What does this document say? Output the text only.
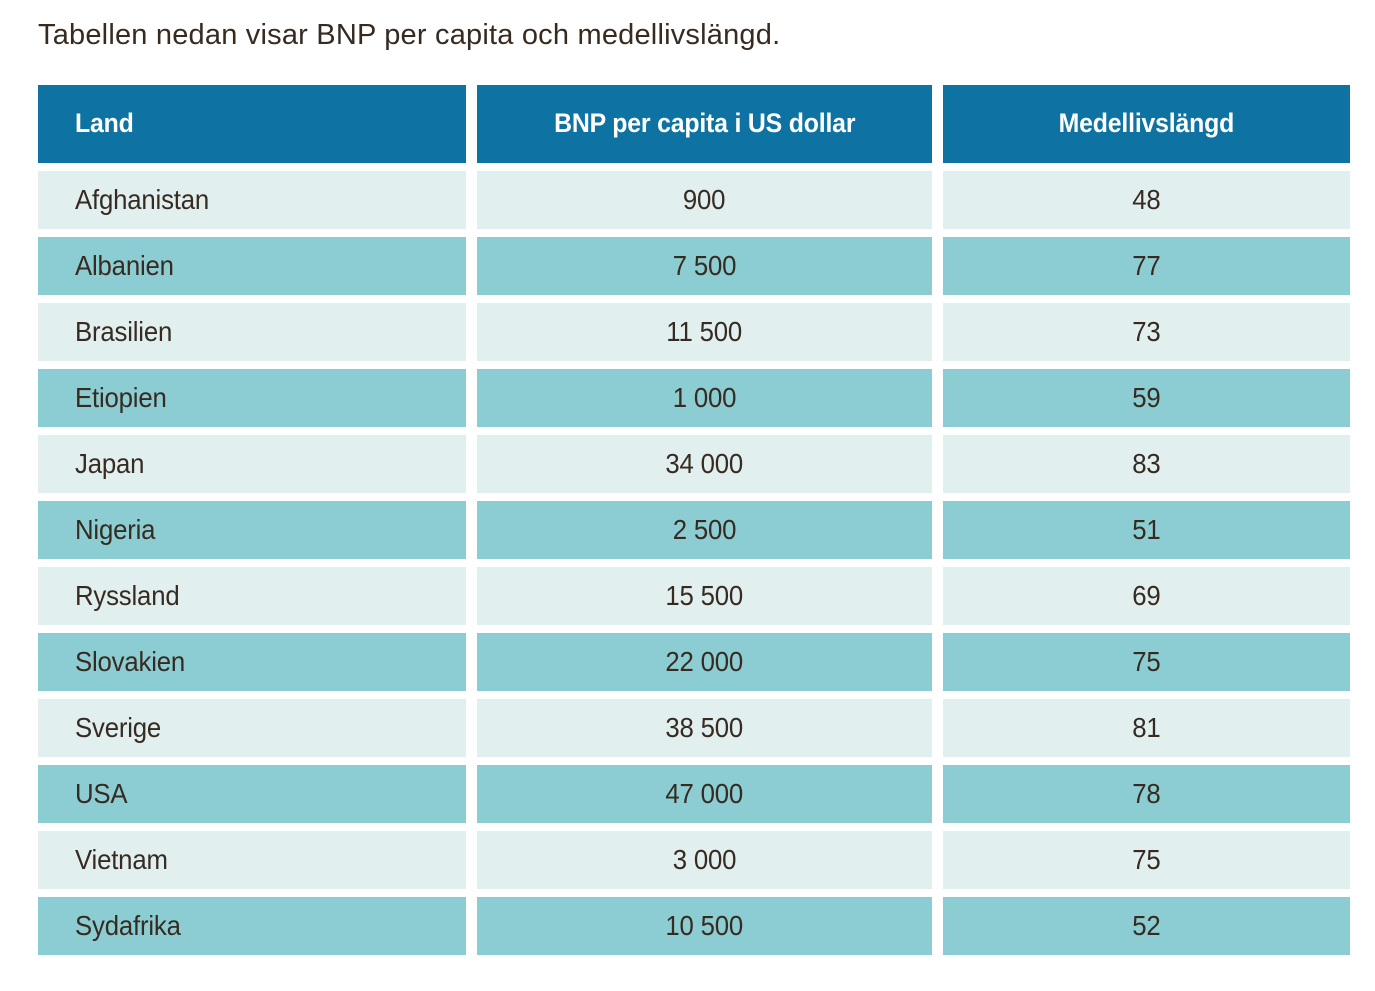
Tabellen nedan visar BNP per capita och medellivslängd.

Land	BNP per capita i US dollar	Medellivslängd
Afghanistan	900	48
Albanien	7 500	77
Brasilien	11 500	73
Etiopien	1 000	59
Japan	34 000	83
Nigeria	2 500	51
Ryssland	15 500	69
Slovakien	22 000	75
Sverige	38 500	81
USA	47 000	78
Vietnam	3 000	75
Sydafrika	10 500	52
